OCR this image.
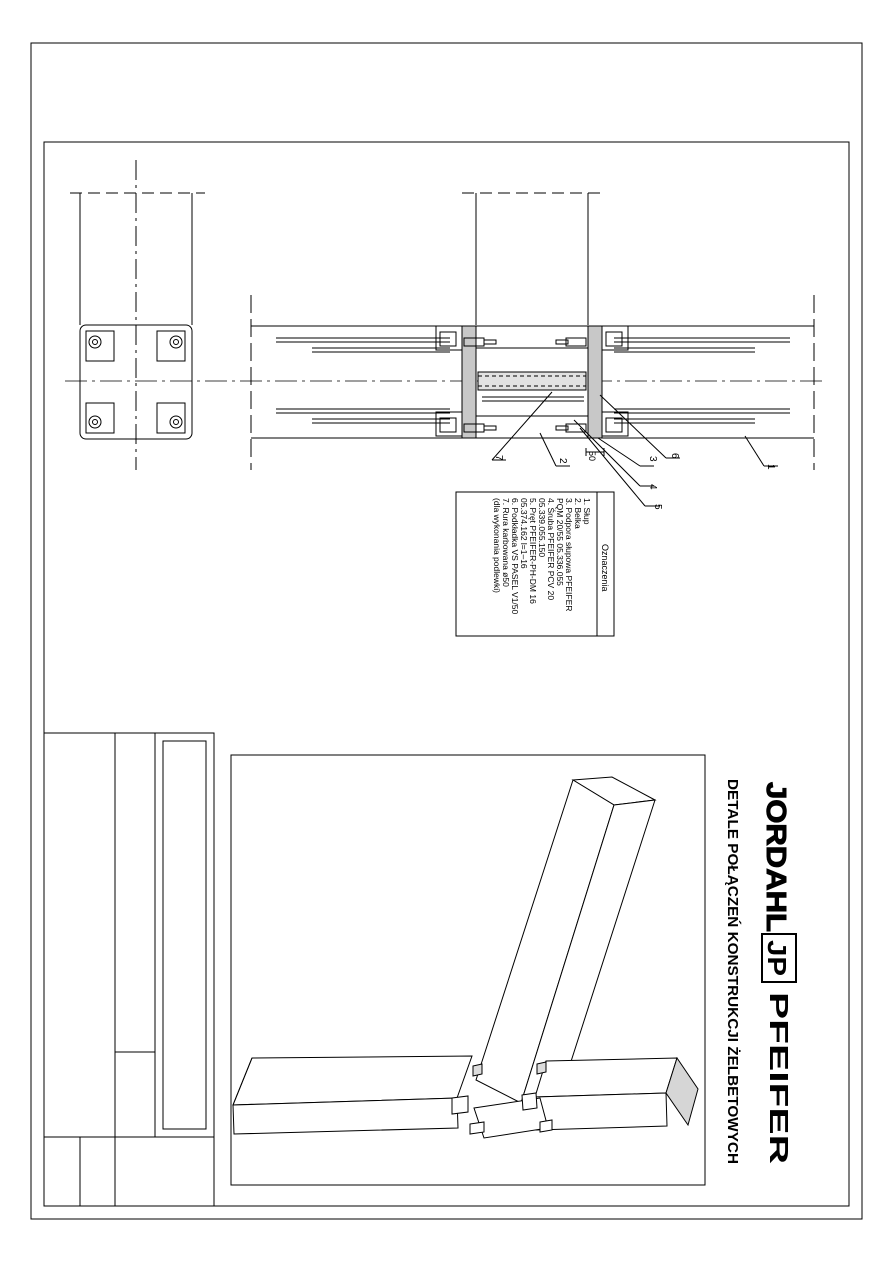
1
2	3
4
5
6
7	50
Oznaczenia
1. Słup
2. Belka
3. Podpora słupowa PFEIFER
PQM 20/55 05.336.055
4. Śruba PFEIFER PCV 20
05.339.055.150
5. Pręt PFEIFER-PH-DM 16
05.374.162 l=1–16
6. Podkładka VS PASEL V1/50
7. Rura karbowana ø50
(dla wykonania podlewki)
JORDAHL
JP
PFEIFER
DETALE POŁĄCZEŃ KONSTRUKCJI ŻELBETOWYCH
